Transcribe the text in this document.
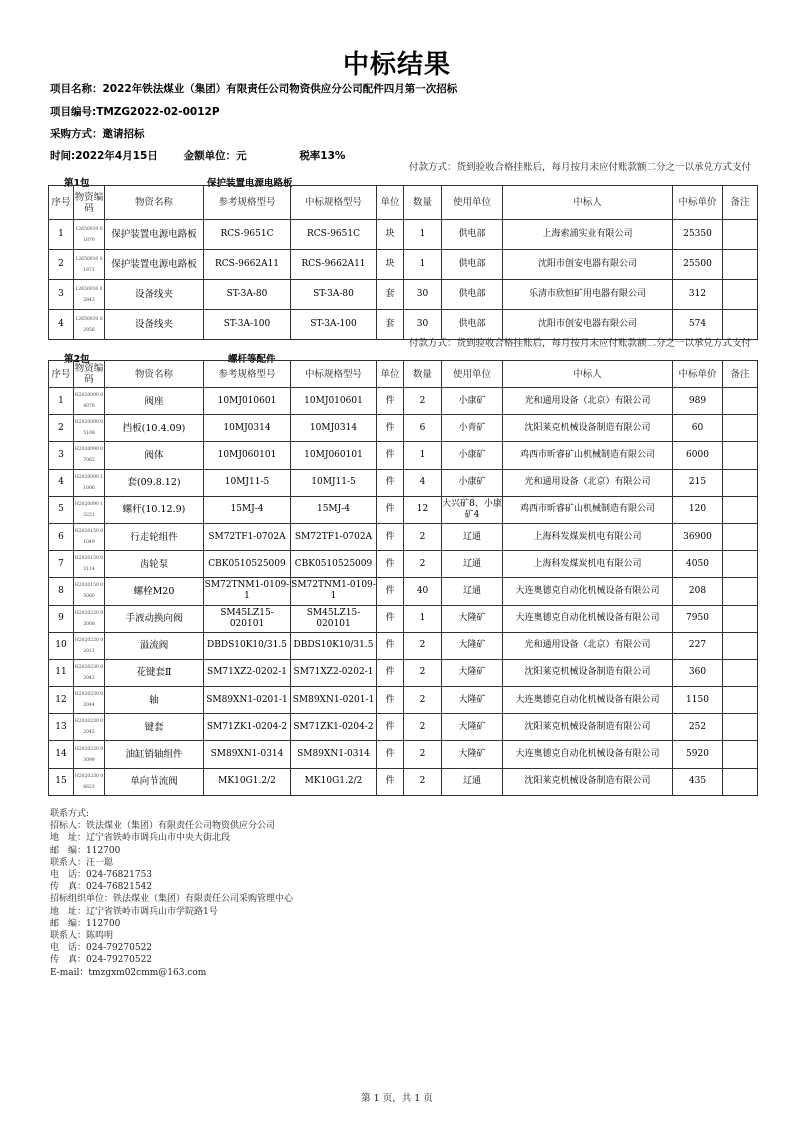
中标结果
项目名称：2022年铁法煤业（集团）有限责任公司物资供应分公司配件四月第一次招标
项目编号:TMZG2022-02-0012P
采购方式：邀请招标
时间:2022年4月15日 金额单位：元	税率13%
付款方式：货到验收合格挂账后，每月按月末应付账款额二分之一以承兑方式支付
第1包	保护装置电源电路板
序号	物资编码	物资名称	参考规格型号	中标规格型号	单位	数量	使用单位	中标人	中标单价	备注
1	12650010 01870	保护装置电源电路板	RCS-9651C	RCS-9651C	块	1	供电部	上海索浦实业有限公司	25350	
2	12650010 01871	保护装置电源电路板	RCS-9662A11	RCS-9662A11	块	1	供电部	沈阳市创安电器有限公司	25500	
3	12650010 02843	设备线夹	ST-3A-80	ST-3A-80	套	30	供电部	乐清市欣恒矿用电器有限公司	312	
4	12650010 02856	设备线夹	ST-3A-100	ST-3A-100	套	30	供电部	沈阳市创安电器有限公司	574	
付款方式：货到验收合格挂账后，每月按月末应付账款额二分之一以承兑方式支付
第2包	螺杆等配件
序号	物资编码	物资名称	参考规格型号	中标规格型号	单位	数量	使用单位	中标人	中标单价	备注
1	H2020090 04078	阀座	10MJ010601	10MJ010601	件	2	小康矿	光和通用设备（北京）有限公司	989	
2	H2020090 05108	挡板(10.4.09)	10MJ0314	10MJ0314	件	6	小青矿	沈阳莱克机械设备制造有限公司	60	
3	H2020090 07062	阀体	10MJ060101	10MJ060101	件	1	小康矿	鸡西市昕睿矿山机械制造有限公司	6000	
4	H2020090 11006	套(09.8.12)	10MJ11-5	10MJ11-5	件	4	小康矿	光和通用设备（北京）有限公司	215	
5	H2020090 13221	螺杆(10.12.9)	15MJ-4	15MJ-4	件	12	大兴矿8、小康矿4	鸡西市昕睿矿山机械制造有限公司	120	
6	H2020150 01049	行走轮组件	SM72TF1-0702A	SM72TF1-0702A	件	2	辽通	上海科发煤炭机电有限公司	36900	
7	H2020150 03114	齿轮泵	CBK0510525009	CBK0510525009	件	2	辽通	上海科发煤炭机电有限公司	4050	
8	H2020150 05060	螺栓M20	SM72TNM1-0109-1	SM72TNM1-0109-1	件	40	辽通	大连奥德克自动化机械设备有限公司	208	
9	H2020220 02008	手液动换向阀	SM45LZ15-020101	SM45LZ15-020101	件	1	大隆矿	大连奥德克自动化机械设备有限公司	7950	
10	H2020220 02011	溢流阀	DBDS10K10/31.5	DBDS10K10/31.5	件	2	大隆矿	光和通用设备（北京）有限公司	227	
11	H2020230 02043	花键套Ⅱ	SM71XZ2-0202-1	SM71XZ2-0202-1	件	2	大隆矿	沈阳莱克机械设备制造有限公司	360	
12	H2020230 02044	轴	SM89XN1-0201-1	SM89XN1-0201-1	件	2	大隆矿	大连奥德克自动化机械设备有限公司	1150	
13	H2020230 02045	键套	SM71ZK1-0204-2	SM71ZK1-0204-2	件	2	大隆矿	沈阳莱克机械设备制造有限公司	252	
14	H2020220 03099	油缸销轴组件	SM89XN1-0314	SM89XN1-0314	件	2	大隆矿	大连奥德克自动化机械设备有限公司	5920	
15	H2020230 06623	单向节流阀	MK10G1.2/2	MK10G1.2/2	件	2	辽通	沈阳莱克机械设备制造有限公司	435	
联系方式:
招标人：铁法煤业（集团）有限责任公司物资供应分公司
地　址：辽宁省铁岭市调兵山市中央大街北段
邮　编：112700
联系人：汪一聪
电　话：024-76821753
传　真：024-76821542
招标组织单位：铁法煤业（集团）有限责任公司采购管理中心
地　址：辽宁省铁岭市调兵山市学院路1号
邮　编：112700
联系人：陈鸣明
电　话：024-79270522
传　真：024-79270522
E-mail：tmzgxm02cmm@163.com
第 1 页，共 1 页
